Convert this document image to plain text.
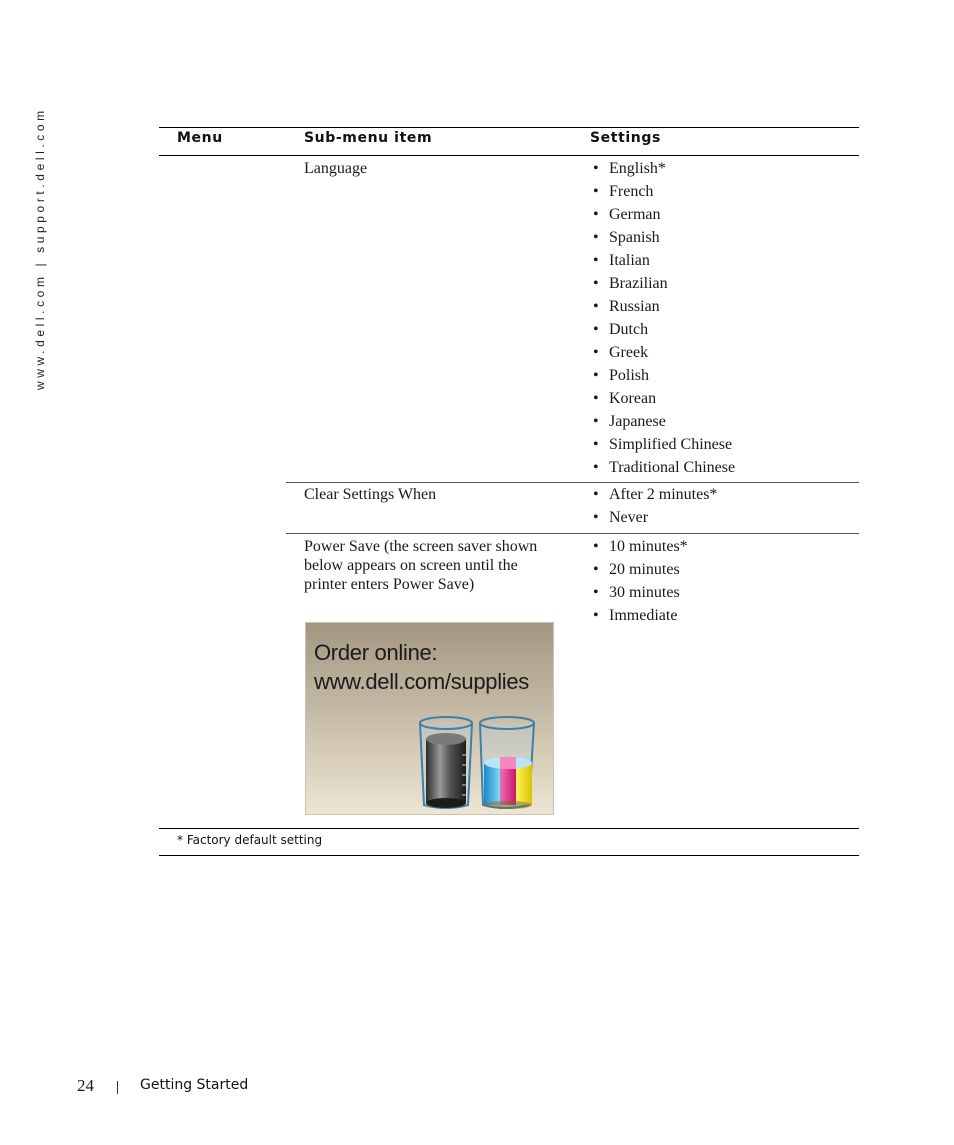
www.dell.com | support.dell.com	Menu	Sub-menu item	Settings
Language	• English*
• French
• German
• Spanish
• Italian
• Brazilian
• Russian
• Dutch
• Greek
• Polish
• Korean
• Japanese
• Simplified Chinese
• Traditional Chinese
Clear Settings When	• After 2 minutes*
• Never
Power Save (the screen saver shown below appears on screen until the printer enters Power Save)
• 10 minutes*
• 20 minutes
• 30 minutes
• Immediate
Order online:
www.dell.com/supplies
* Factory default setting
24	Getting Started
